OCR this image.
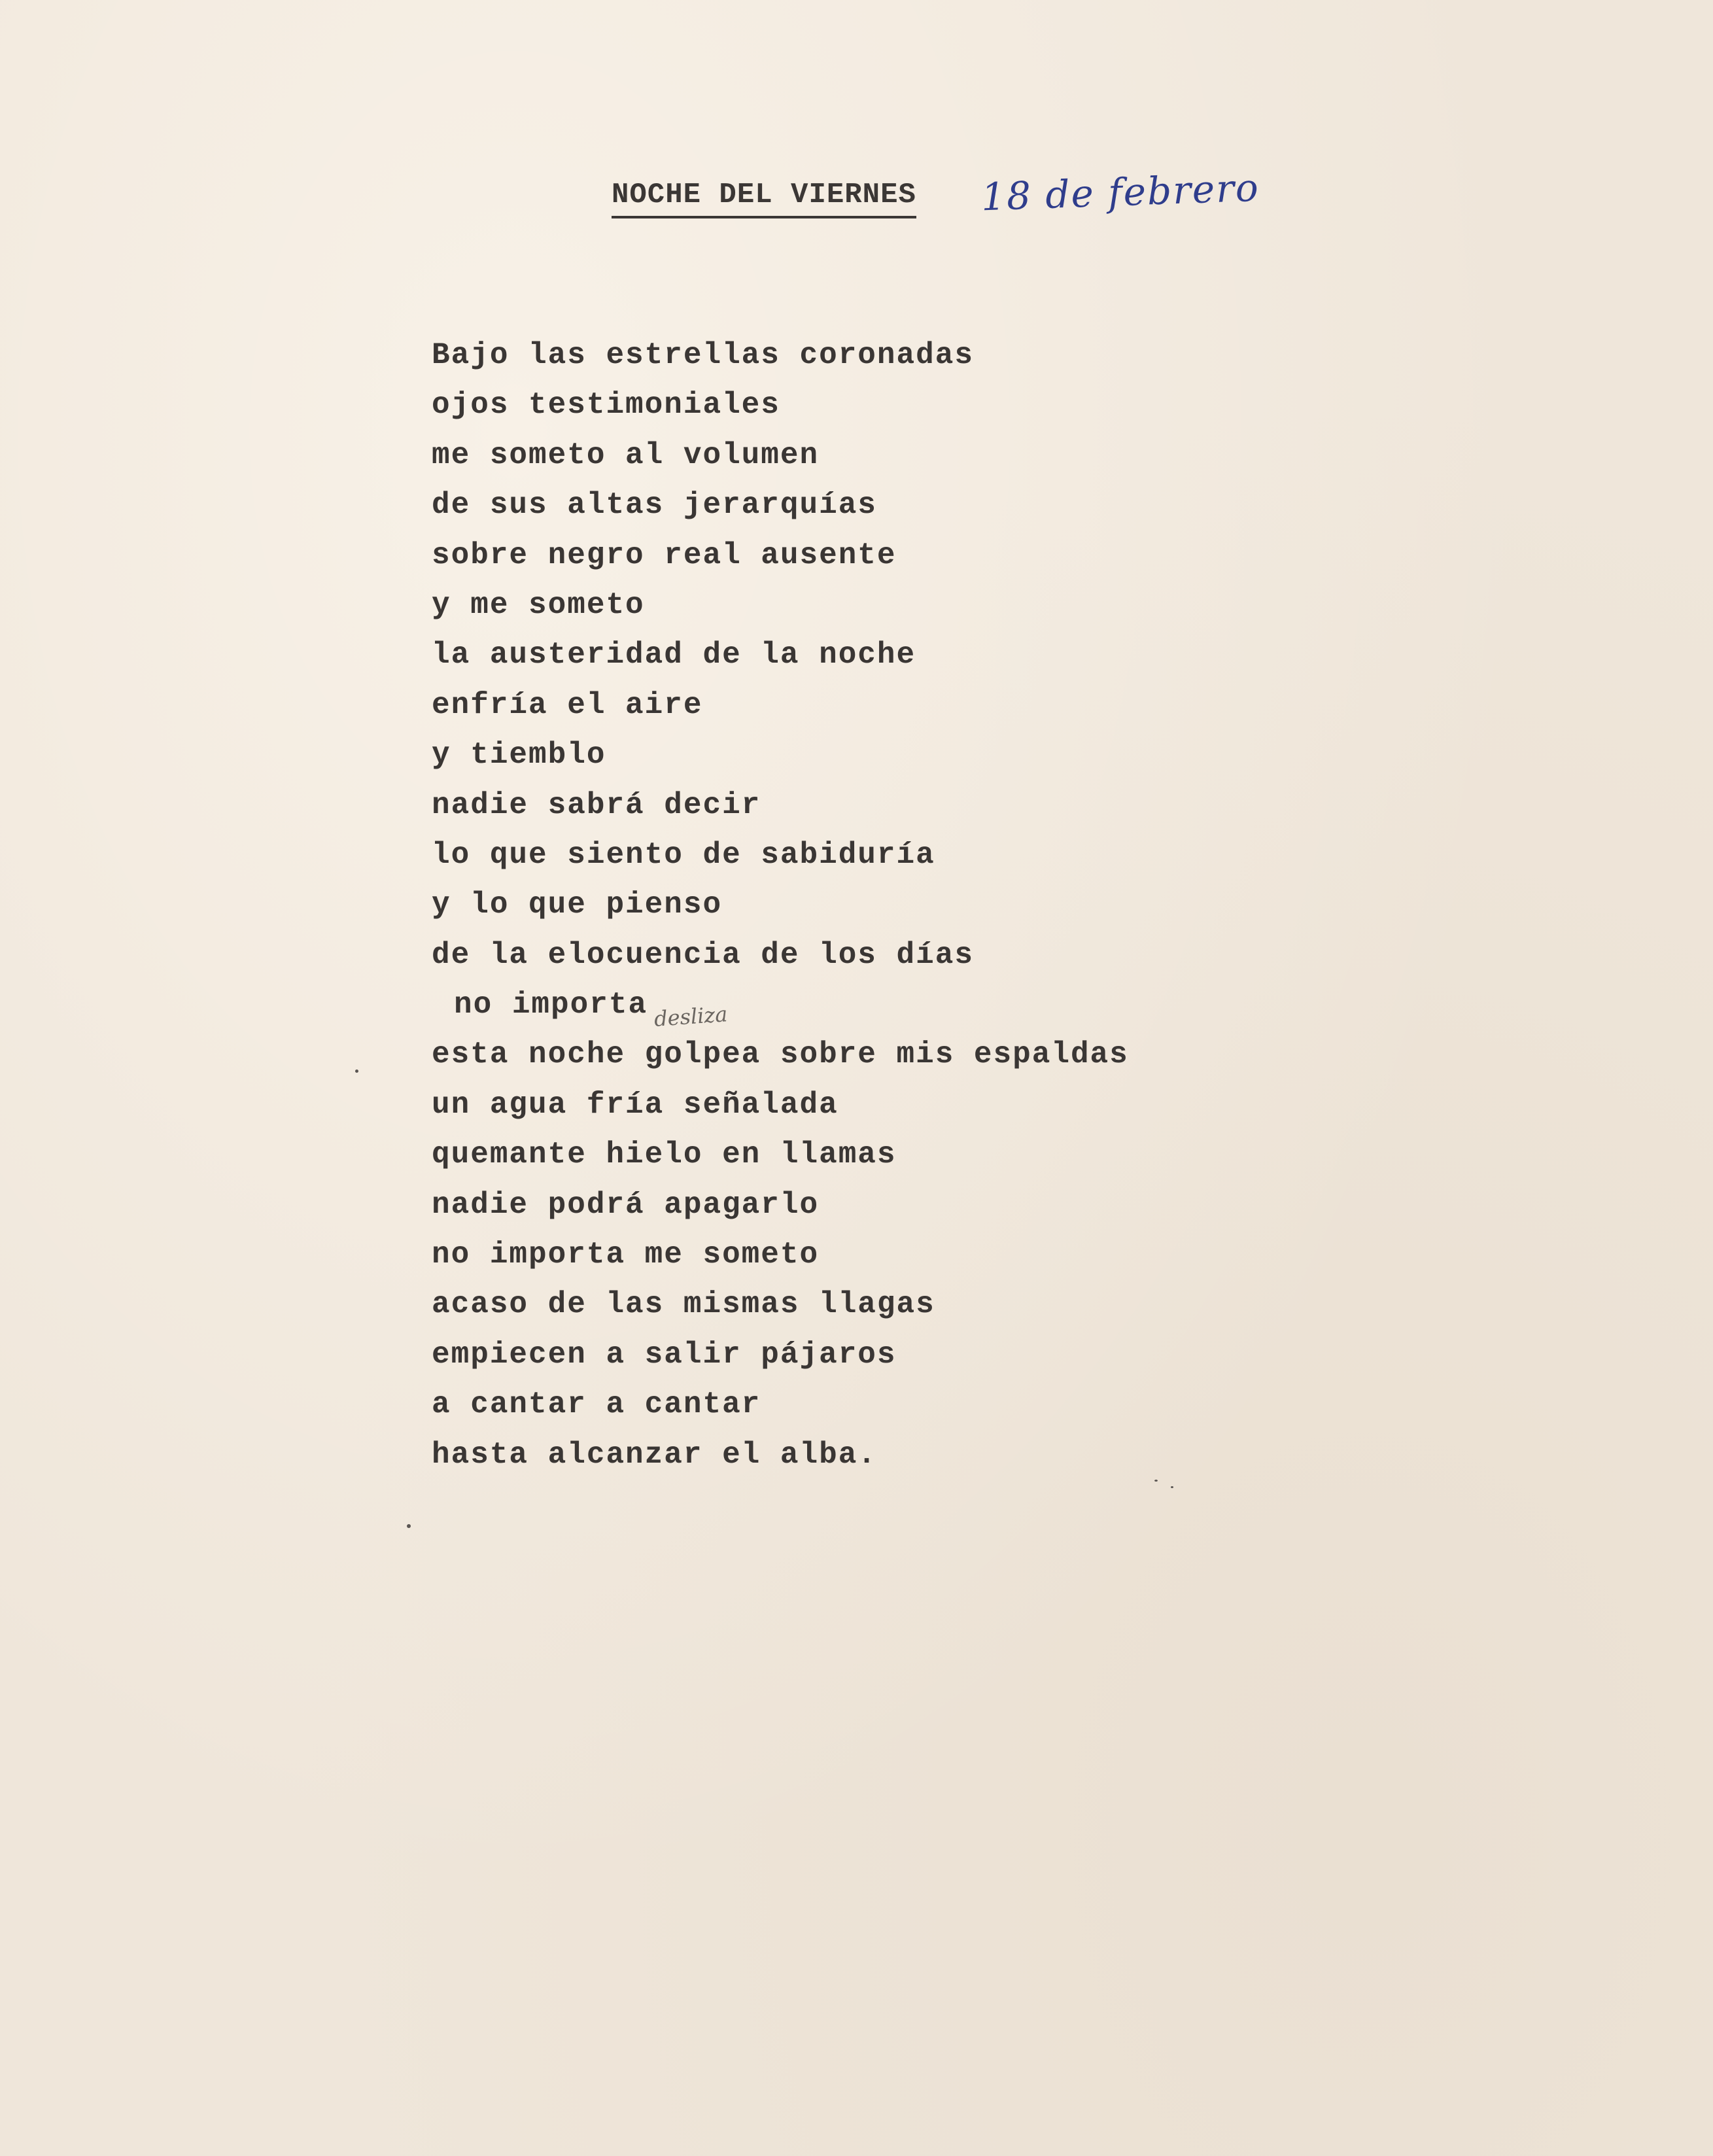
NOCHE DEL VIERNES 18 de febrero
Bajo las estrellas coronadas
ojos testimoniales
me someto al volumen
de sus altas jerarquías
sobre negro real ausente
y me someto
la austeridad de la noche
enfría el aire
y tiemblo
nadie sabrá decir
lo que siento de sabiduría
y lo que pienso
de la elocuencia de los días
no importa
esta noche golpea sobre mis espaldas
un agua fría señalada
quemante hielo en llamas
nadie podrá apagarlo
no importa me someto
acaso de las mismas llagas
empiecen a salir pájaros
a cantar a cantar
hasta alcanzar el alba.
desliza
